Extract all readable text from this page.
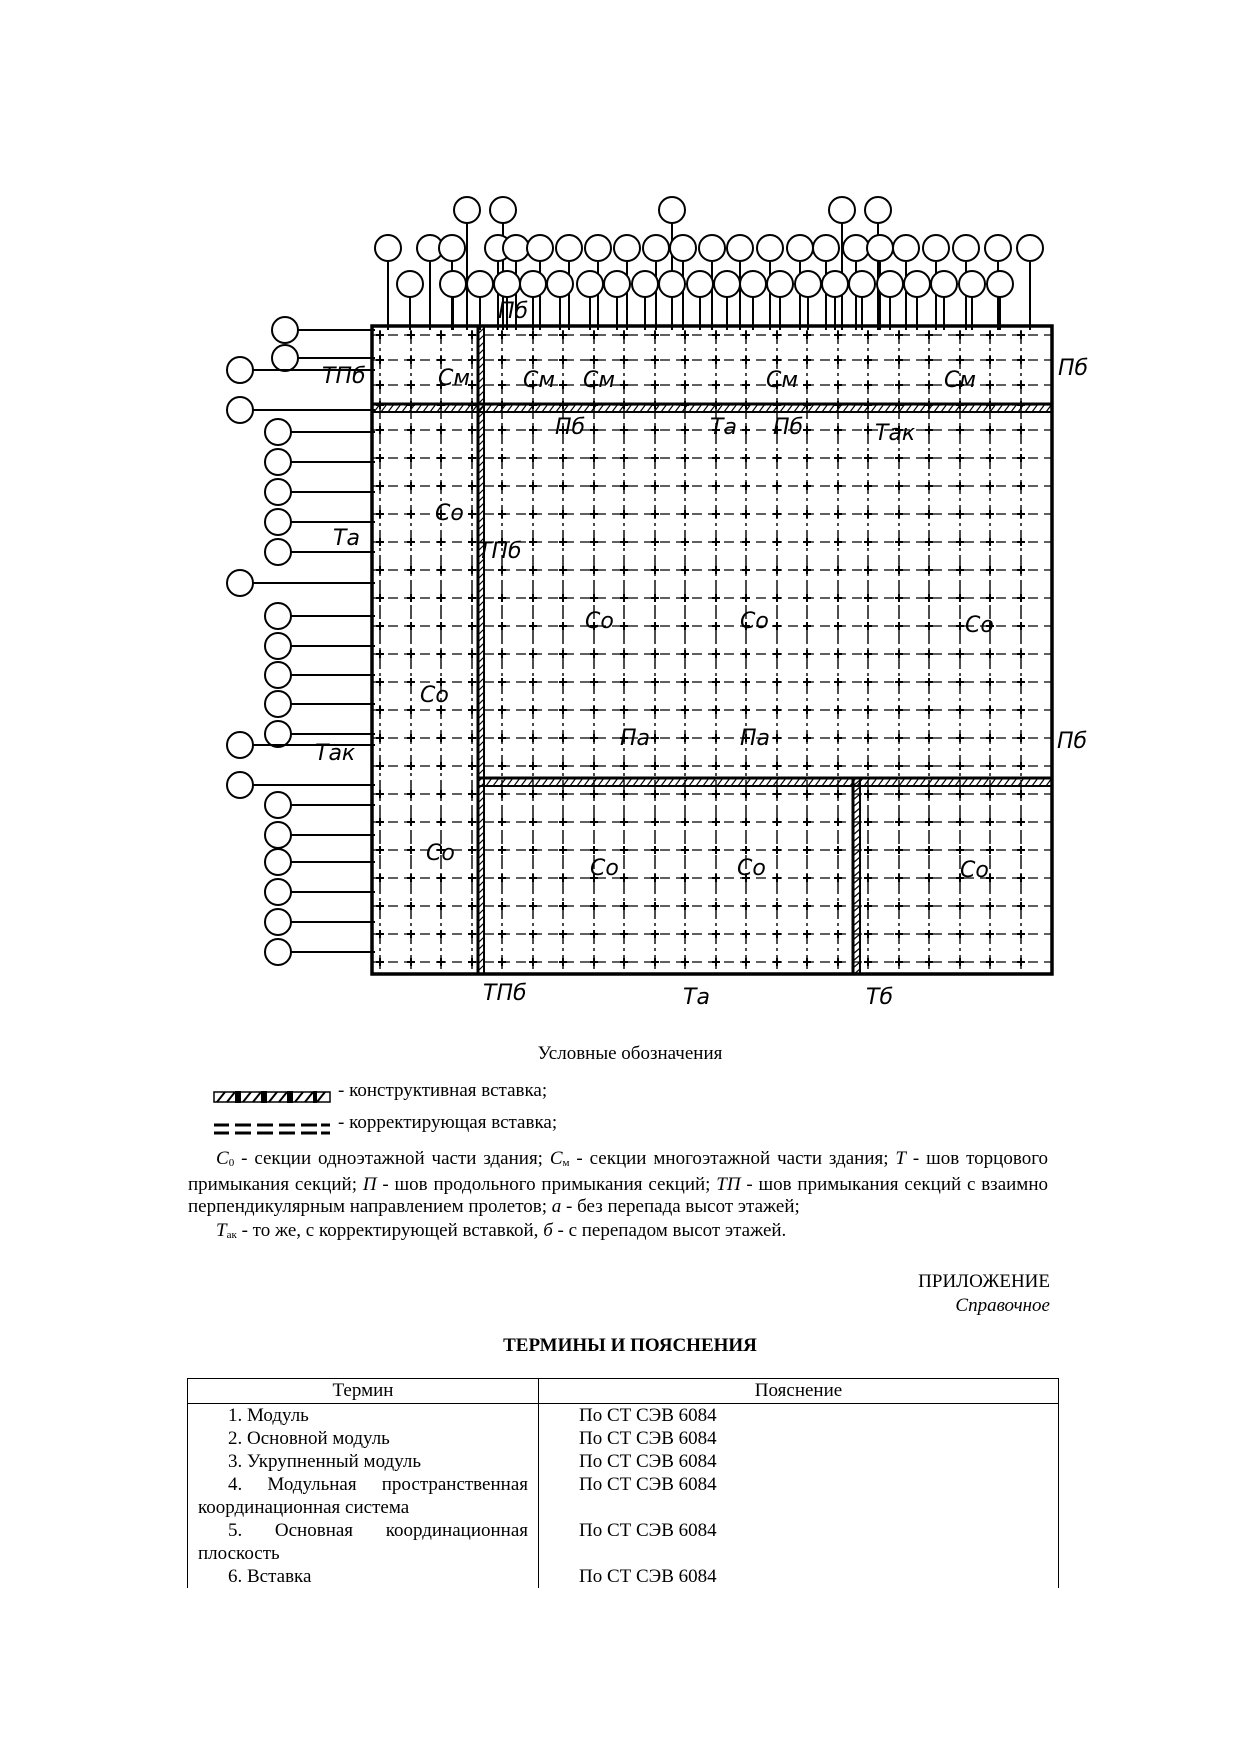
Пб
ТПб	См См См	См	См	Пб
Пб	Та Пб	Так
Со
Та
ТПб
Со	Со	Со
Со
Па	Па	Пб
Так
Со
Со	Со	Со
ТПб	Та	Тб
Условные обозначения
- конструктивная вставка;
- корректирующая вставка;
$С_0$ - секции одноэтажной части здания; $С_м$ - секции многоэтажной части здания; Т - шов торцового примыкания секций; П - шов продольного примыкания секций; ТП - шов примыкания секций с взаимно перпендикулярным направлением пролетов; а - без перепада высот этажей;
$Т_{ак}$ - то же, с корректирующей вставкой, б - с перепадом высот этажей.
ПРИЛОЖЕНИЕ
Справочное
ТЕРМИНЫ И ПОЯСНЕНИЯ
Термин	Пояснение
1. Модуль	По СТ СЭВ 6084
2. Основной модуль	По СТ СЭВ 6084
3. Укрупненный модуль	По СТ СЭВ 6084
4. Модульная пространственная координационная система	По СТ СЭВ 6084
5. Основная координационная плоскость	По СТ СЭВ 6084
6. Вставка	По СТ СЭВ 6084
